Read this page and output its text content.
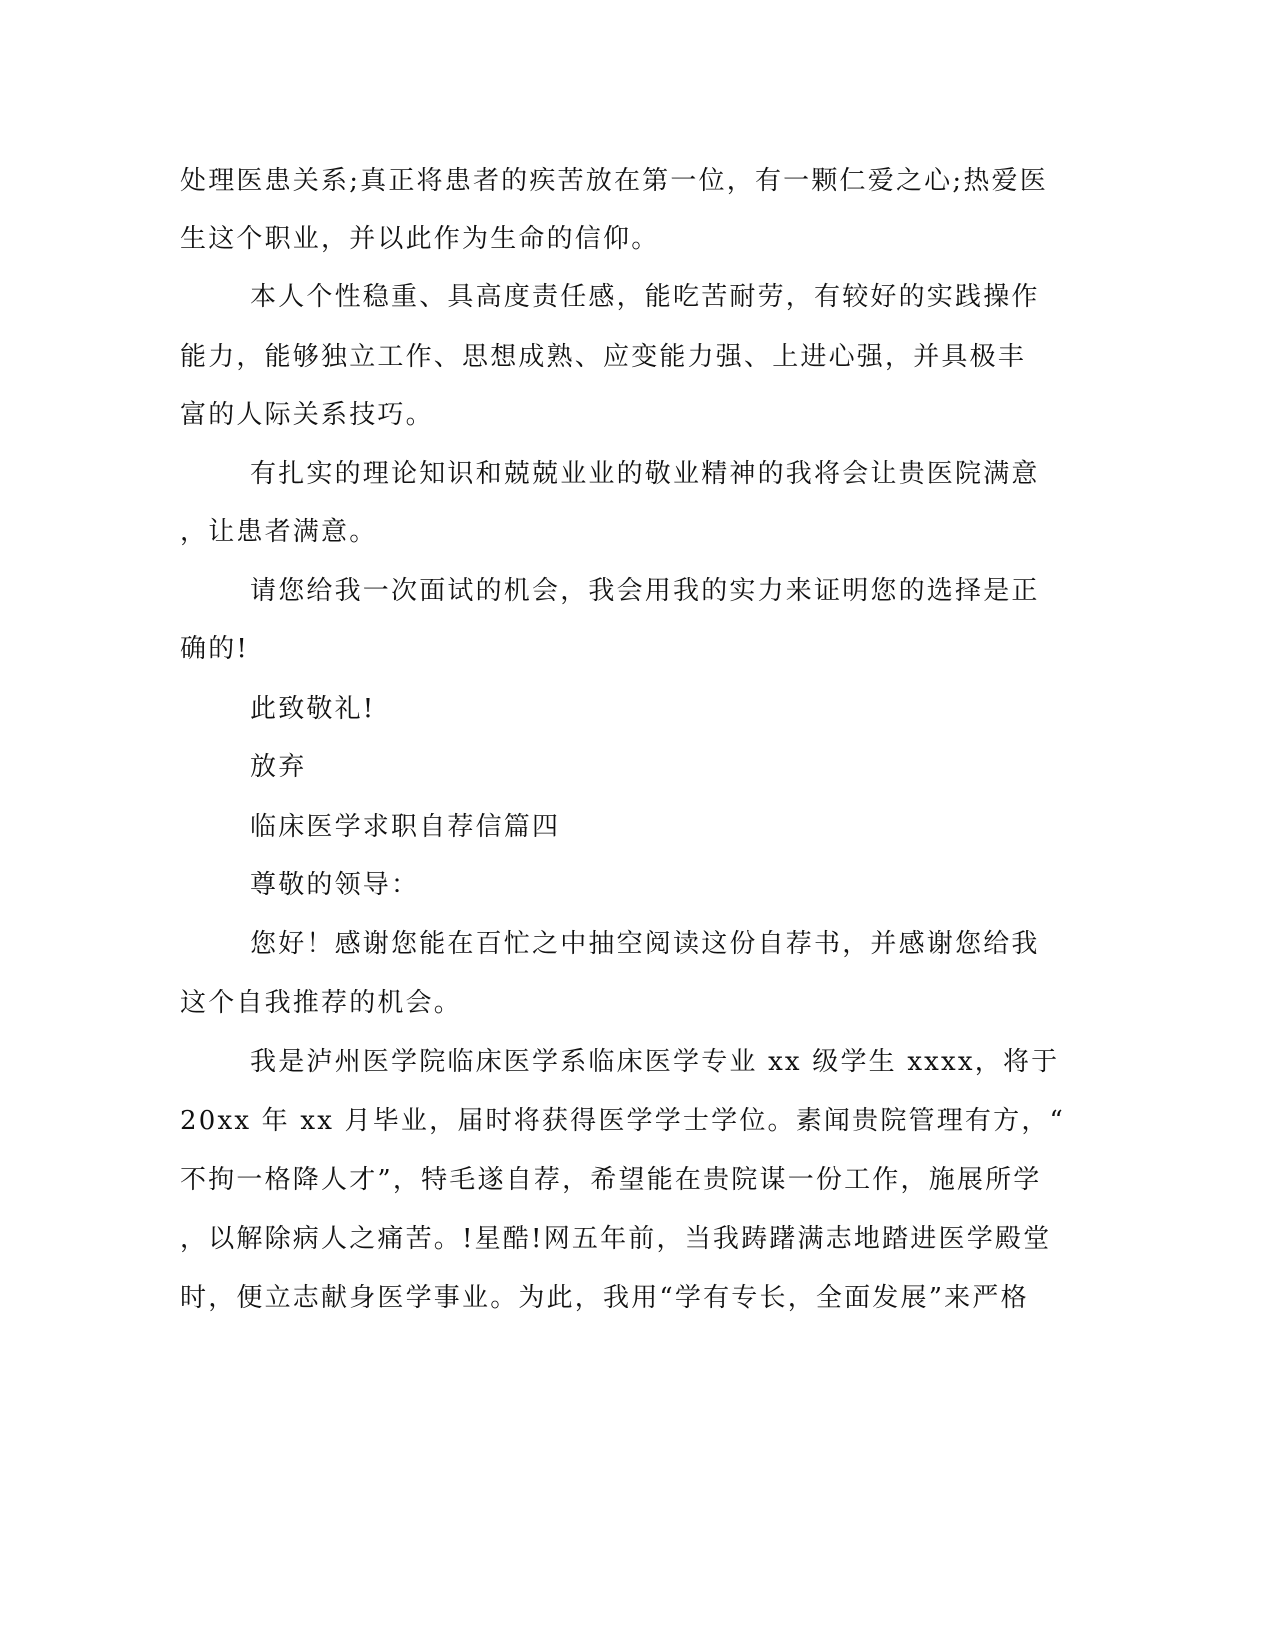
处理医患关系;真正将患者的疾苦放在第一位，有一颗仁爱之心;热爱医

生这个职业，并以此作为生命的信仰。

本人个性稳重、具高度责任感，能吃苦耐劳，有较好的实践操作

能力，能够独立工作、思想成熟、应变能力强、上进心强，并具极丰

富的人际关系技巧。

有扎实的理论知识和兢兢业业的敬业精神的我将会让贵医院满意

，让患者满意。

请您给我一次面试的机会，我会用我的实力来证明您的选择是正

确的!

此致敬礼!

放弃

临床医学求职自荐信篇四

尊敬的领导：

您好！感谢您能在百忙之中抽空阅读这份自荐书，并感谢您给我

这个自我推荐的机会。

我是泸州医学院临床医学系临床医学专业 xx 级学生 xxxx，将于

20xx 年 xx 月毕业，届时将获得医学学士学位。素闻贵院管理有方，“

不拘一格降人才”，特毛遂自荐，希望能在贵院谋一份工作，施展所学

，以解除病人之痛苦。!星酷!网五年前，当我踌躇满志地踏进医学殿堂

时，便立志献身医学事业。为此，我用“学有专长，全面发展”来严格
